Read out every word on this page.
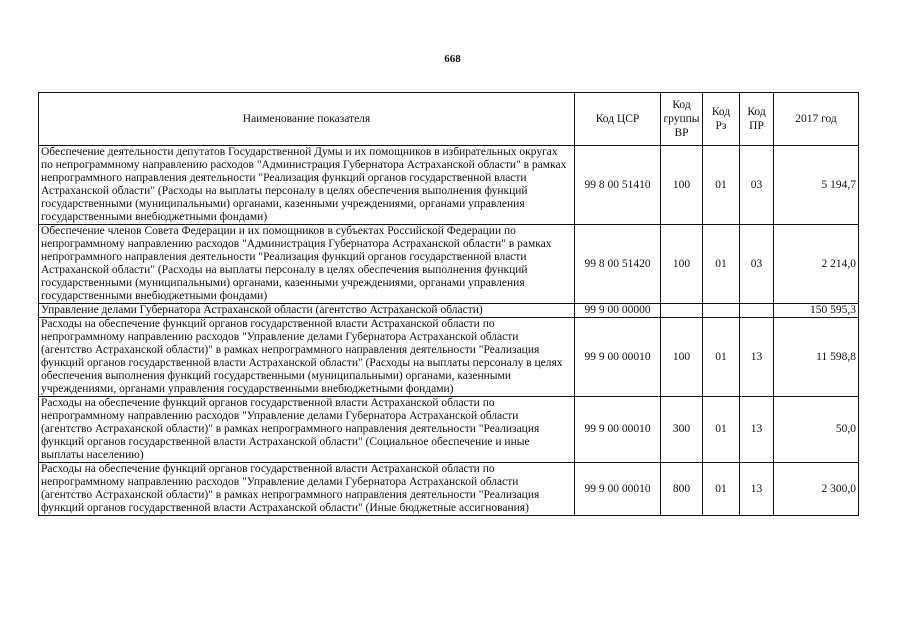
668
Наименование показателя	Код ЦСР	Код группы ВР	Код Рз	Код ПР	2017 год
Обеспечение деятельности депутатов Государственной Думы и их помощников в избирательных округах по непрограммному направлению расходов "Администрация Губернатора Астраханской области" в рамках непрограммного направления деятельности "Реализация функций органов государственной власти Астраханской области" (Расходы на выплаты персоналу в целях обеспечения выполнения функций государственными (муниципальными) органами, казенными учреждениями, органами управления государственными внебюджетными фондами)	99 8 00 51410	100	01	03	5 194,7
Обеспечение членов Совета Федерации и их помощников в субъектах Российской Федерации по непрограммному направлению расходов "Администрация Губернатора Астраханской области" в рамках непрограммного направления деятельности "Реализация функций органов государственной власти Астраханской области" (Расходы на выплаты персоналу в целях обеспечения выполнения функций государственными (муниципальными) органами, казенными учреждениями, органами управления государственными внебюджетными фондами)	99 8 00 51420	100	01	03	2 214,0
Управление делами Губернатора Астраханской области (агентство Астраханской области)	99 9 00 00000				150 595,3
Расходы на обеспечение функций органов государственной власти Астраханской области по непрограммному направлению расходов "Управление делами Губернатора Астраханской области (агентство Астраханской области)" в рамках непрограммного направления деятельности "Реализация функций органов государственной власти Астраханской области" (Расходы на выплаты персоналу в целях обеспечения выполнения функций государственными (муниципальными) органами, казенными учреждениями, органами управления государственными внебюджетными фондами)	99 9 00 00010	100	01	13	11 598,8
Расходы на обеспечение функций органов государственной власти Астраханской области по непрограммному направлению расходов "Управление делами Губернатора Астраханской области (агентство Астраханской области)" в рамках непрограммного направления деятельности "Реализация функций органов государственной власти Астраханской области" (Социальное обеспечение и иные выплаты населению)	99 9 00 00010	300	01	13	50,0
Расходы на обеспечение функций органов государственной власти Астраханской области по непрограммному направлению расходов "Управление делами Губернатора Астраханской области (агентство Астраханской области)" в рамках непрограммного направления деятельности "Реализация функций органов государственной власти Астраханской области" (Иные бюджетные ассигнования)	99 9 00 00010	800	01	13	2 300,0
